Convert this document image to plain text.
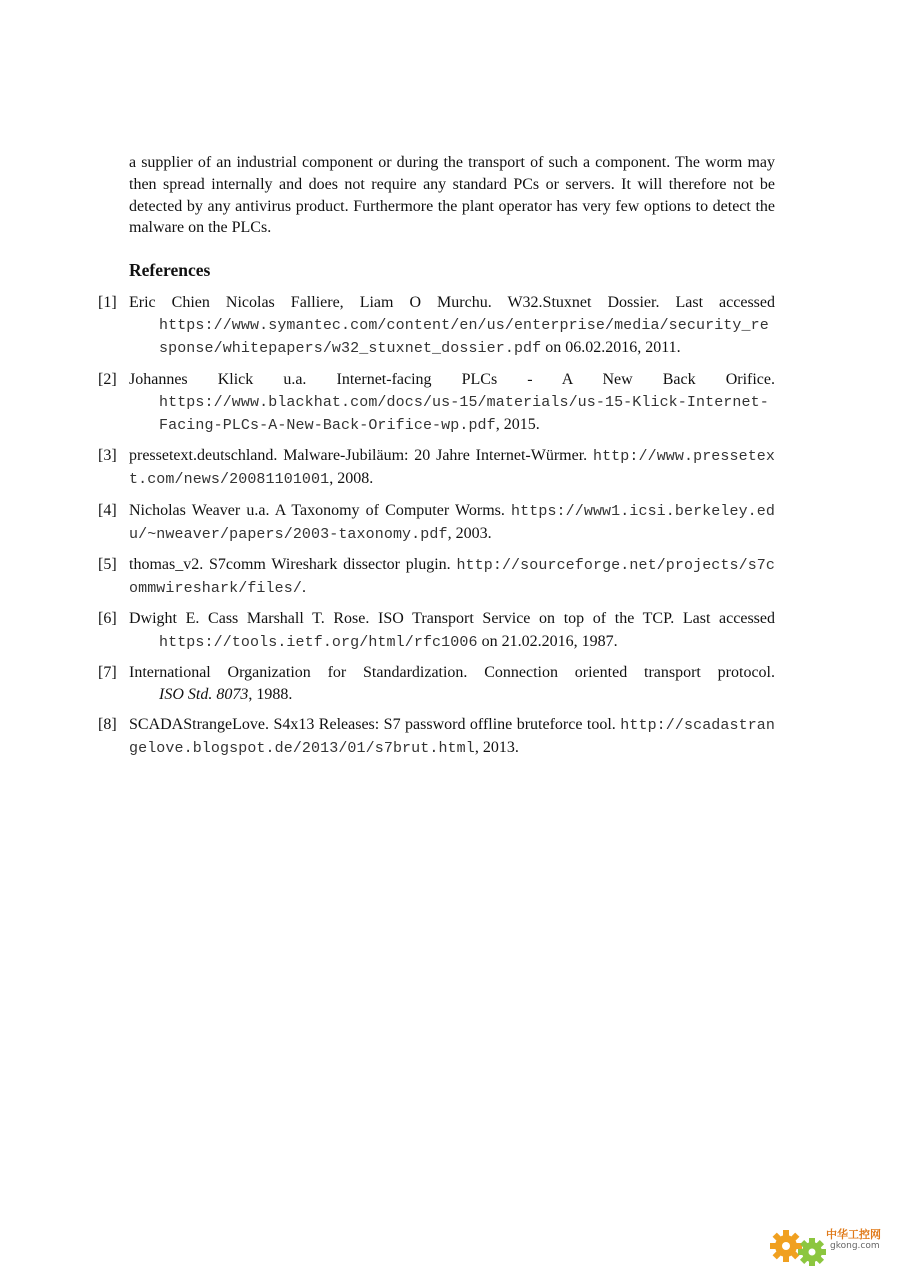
a supplier of an industrial component or during the transport of such a component. The worm may then spread internally and does not require any standard PCs or servers. It will therefore not be detected by any antivirus product. Furthermore the plant operator has very few options to detect the malware on the PLCs.

References
[1] Eric Chien Nicolas Falliere, Liam O Murchu. W32.Stuxnet Dossier. Last accessed
https://www.symantec.com/content/en/us/enterprise/media/security_response/whitepapers/w32_stuxnet_dossier.pdf on 06.02.2016, 2011.
[2] Johannes Klick u.a. Internet-facing PLCs - A New Back Orifice.
https://www.blackhat.com/docs/us-15/materials/us-15-Klick-Internet-Facing-PLCs-A-New-Back-Orifice-wp.pdf, 2015.
[3] pressetext.deutschland. Malware-Jubiläum: 20 Jahre Internet-Würmer. http://www.pressetext.com/news/20081101001, 2008.
[4] Nicholas Weaver u.a. A Taxonomy of Computer Worms. https://www1.icsi.berkeley.edu/~nweaver/papers/2003-taxonomy.pdf, 2003.
[5] thomas_v2. S7comm Wireshark dissector plugin. http://sourceforge.net/projects/s7commwireshark/files/.
[6] Dwight E. Cass Marshall T. Rose. ISO Transport Service on top of the TCP. Last accessed
https://tools.ietf.org/html/rfc1006 on 21.02.2016, 1987.
[7] International Organization for Standardization. Connection oriented transport protocol.
ISO Std. 8073, 1988.
[8] SCADAStrangeLove. S4x13 Releases: S7 password offline bruteforce tool. http://scadastrangelove.blogspot.de/2013/01/s7brut.html, 2013.
中华工控网
gkong.com
